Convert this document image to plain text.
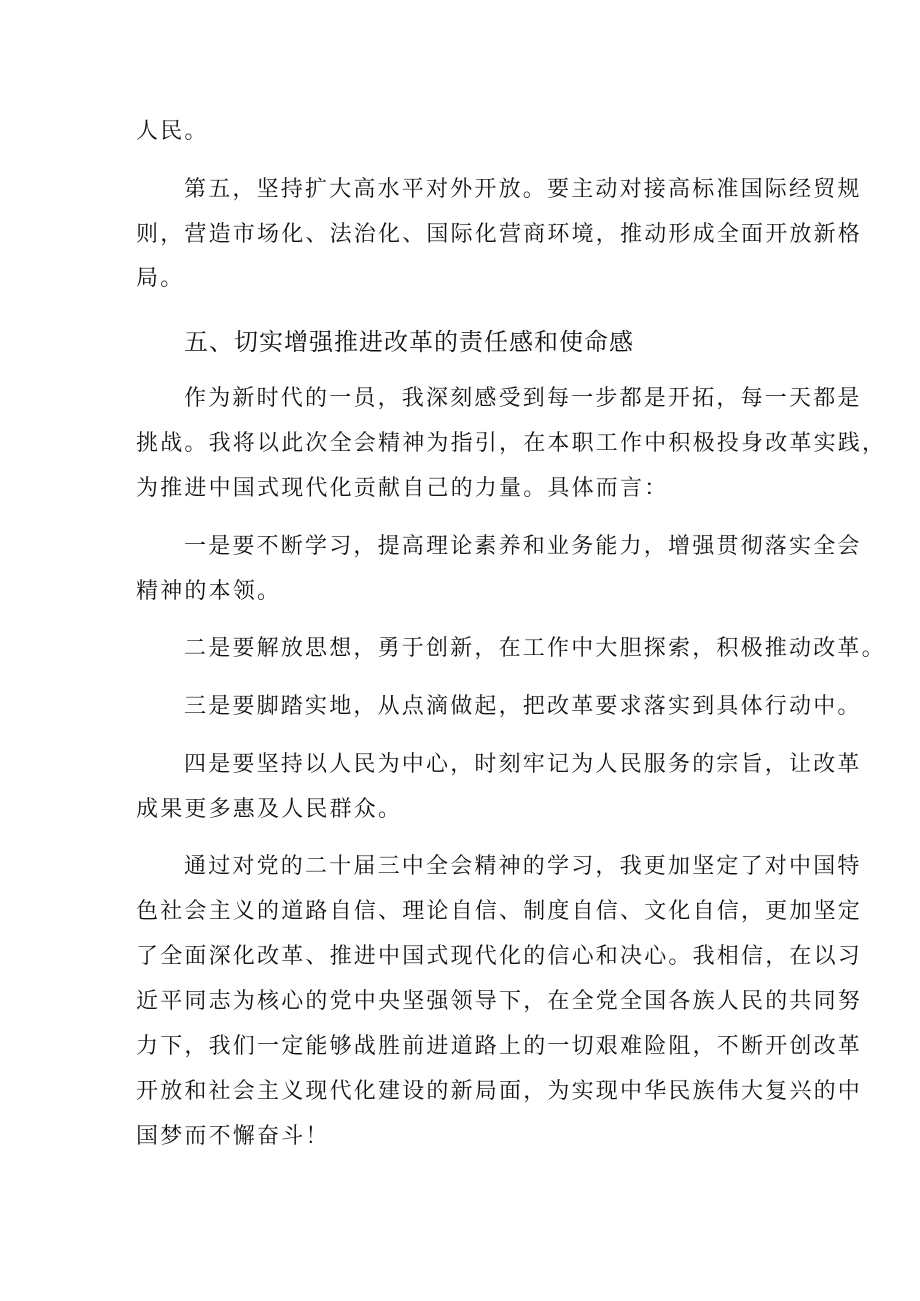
人民。
第五，坚持扩大高水平对外开放。要主动对接高标准国际经贸规
则，营造市场化、法治化、国际化营商环境，推动形成全面开放新格
局。
五、切实增强推进改革的责任感和使命感
作为新时代的一员，我深刻感受到每一步都是开拓，每一天都是
挑战。我将以此次全会精神为指引，在本职工作中积极投身改革实践，
为推进中国式现代化贡献自己的力量。具体而言：
一是要不断学习，提高理论素养和业务能力，增强贯彻落实全会
精神的本领。
二是要解放思想，勇于创新，在工作中大胆探索，积极推动改革。
三是要脚踏实地，从点滴做起，把改革要求落实到具体行动中。
四是要坚持以人民为中心，时刻牢记为人民服务的宗旨，让改革
成果更多惠及人民群众。
通过对党的二十届三中全会精神的学习，我更加坚定了对中国特
色社会主义的道路自信、理论自信、制度自信、文化自信，更加坚定
了全面深化改革、推进中国式现代化的信心和决心。我相信，在以习
近平同志为核心的党中央坚强领导下，在全党全国各族人民的共同努
力下，我们一定能够战胜前进道路上的一切艰难险阻，不断开创改革
开放和社会主义现代化建设的新局面，为实现中华民族伟大复兴的中
国梦而不懈奋斗！
